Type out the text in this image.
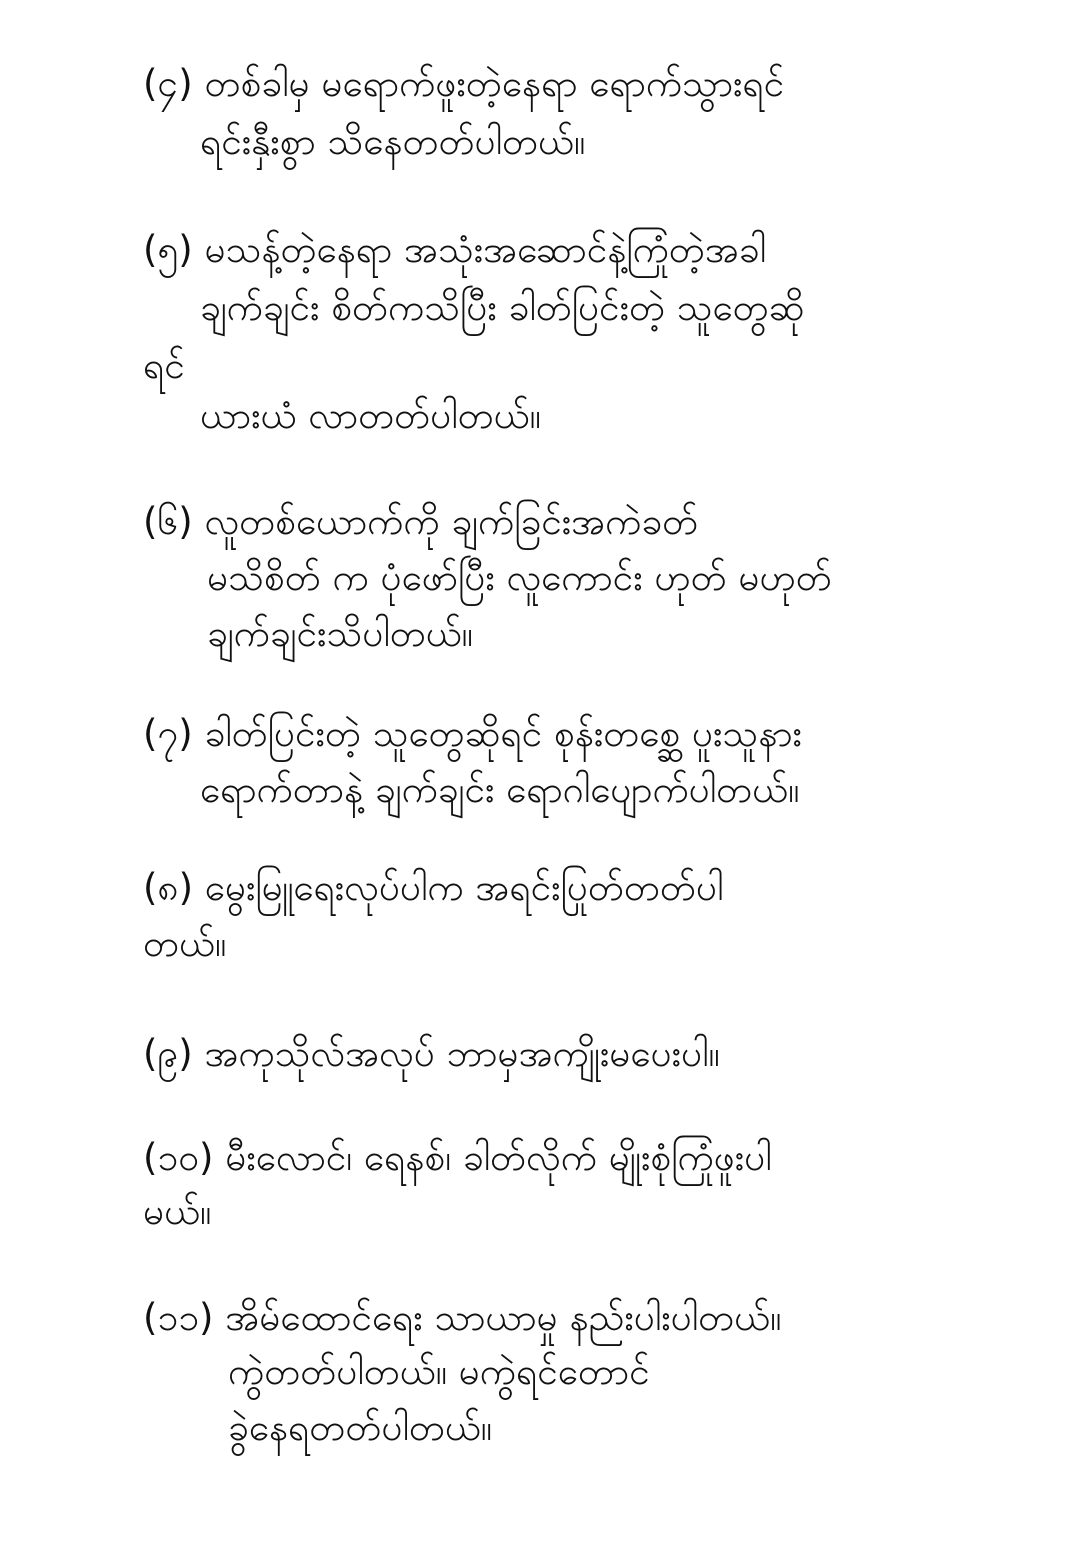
(၄) တစ်ခါမှ မရောက်ဖူးတဲ့နေရာ ရောက်သွားရင်
ရင်းနှီးစွာ သိနေတတ်ပါတယ်။
(၅) မသန့်တဲ့နေရာ အသုံးအဆောင်နဲ့ကြုံတဲ့အခါ
ချက်ချင်း စိတ်ကသိပြီး ခါတ်ပြင်းတဲ့ သူတွေဆို
ရင်
ယားယံ လာတတ်ပါတယ်။
(၆) လူတစ်ယောက်ကို ချက်ခြင်းအကဲခတ်
မသိစိတ် က ပုံဖော်ပြီး လူကောင်း ဟုတ် မဟုတ်
ချက်ချင်းသိပါတယ်။
(၇) ခါတ်ပြင်းတဲ့ သူတွေဆိုရင် စုန်းတစ္ဆေ ပူးသူနား
ရောက်တာနဲ့ ချက်ချင်း ရောဂါပျောက်ပါတယ်။
(၈) မွေးမြူရေးလုပ်ပါက အရင်းပြုတ်တတ်ပါ
တယ်။
(၉) အကုသိုလ်အလုပ် ဘာမှအကျိုးမပေးပါ။
(၁၀) မီးလောင်၊ ရေနစ်၊ ခါတ်လိုက် မျိုးစုံကြုံဖူးပါ
မယ်။
(၁၁) အိမ်ထောင်ရေး သာယာမှု နည်းပါးပါတယ်။
ကွဲတတ်ပါတယ်။ မကွဲရင်တောင်
ခွဲနေရတတ်ပါတယ်။
